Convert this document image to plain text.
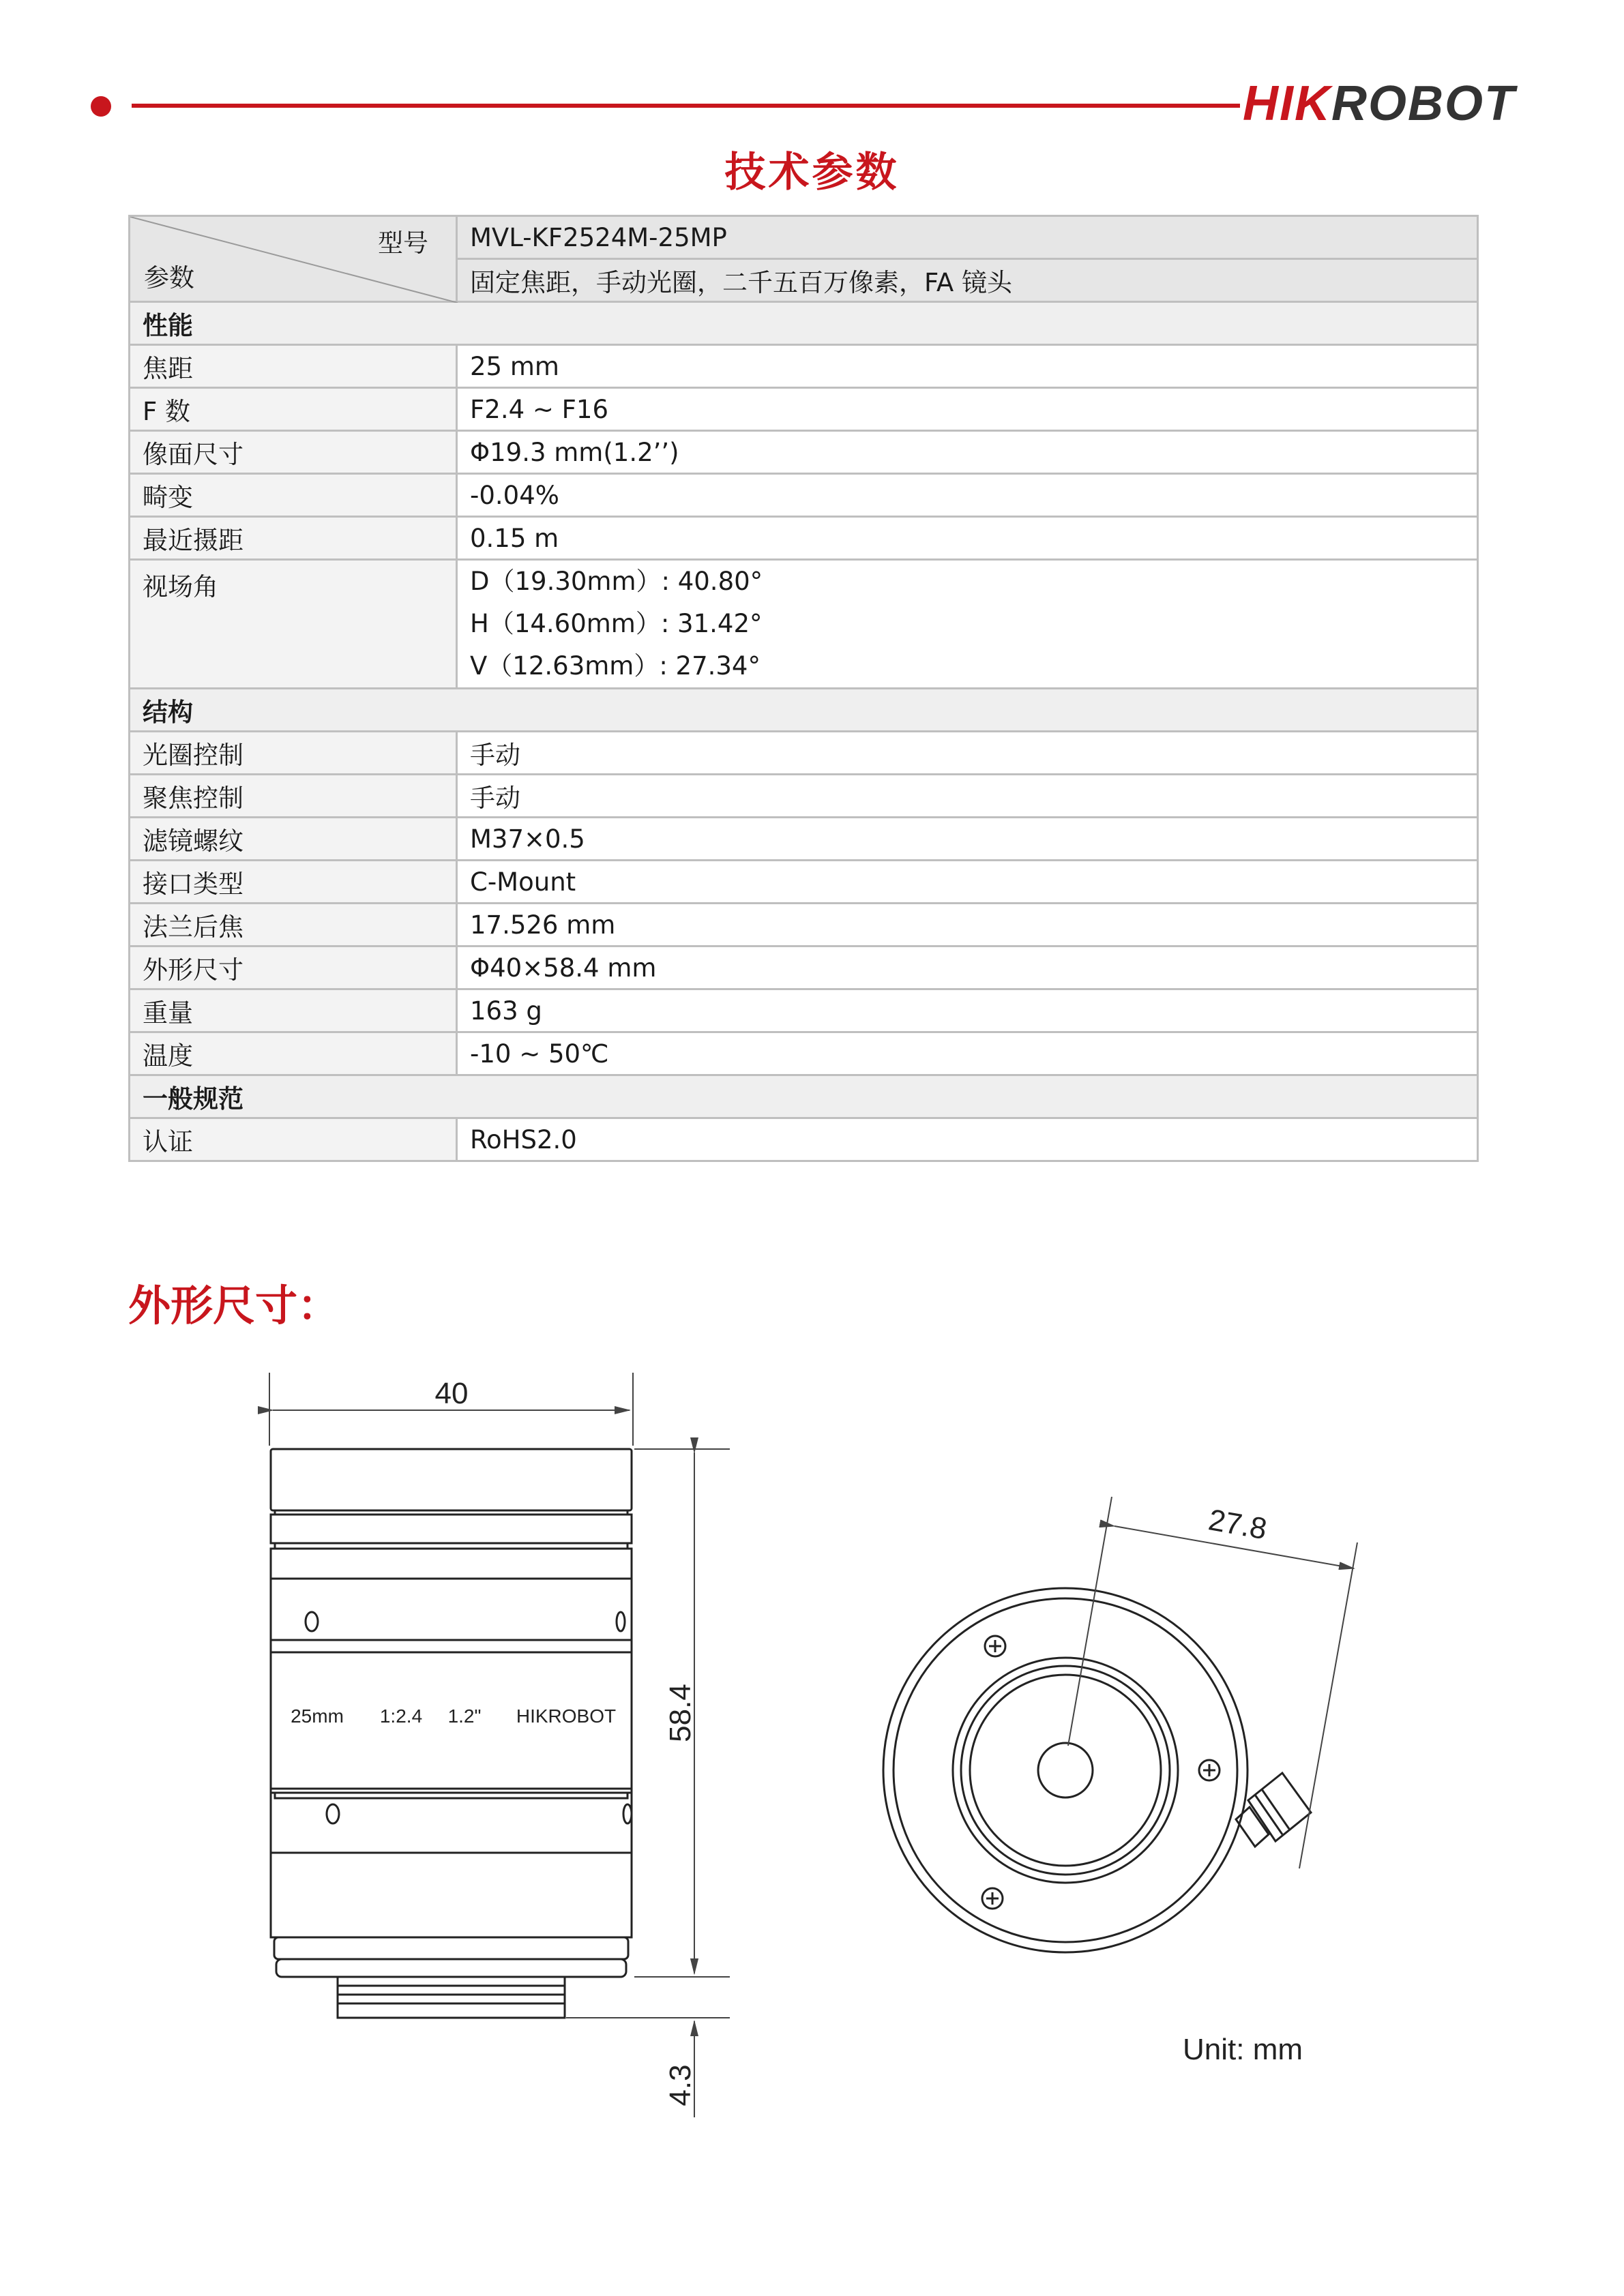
HIK ROBOT
技术参数
型号
参数	MVL-KF2524M-25MP
	固定焦距，手动光圈，二千五百万像素，FA 镜头
性能	
焦距	25 mm
F 数	F2.4 ~ F16
像面尺寸	Φ19.3 mm(1.2’’)
畸变	-0.04%
最近摄距	0.15 m
视场角	D（19.30mm）: 40.80°
H（14.60mm）: 31.42°
V（12.63mm）: 27.34°

结构	
光圈控制	手动
聚焦控制	手动
滤镜螺纹	M37×0.5
接口类型	C-Mount
法兰后焦	17.526 mm
外形尺寸	Φ40×58.4 mm
重量	163 g
温度	-10 ~ 50℃
一般规范	
认证	RoHS2.0
外形尺寸：
40
25mm 1:2.4 1.2" HIKROBOT 58.4
4.3
27.8
Unit: mm
